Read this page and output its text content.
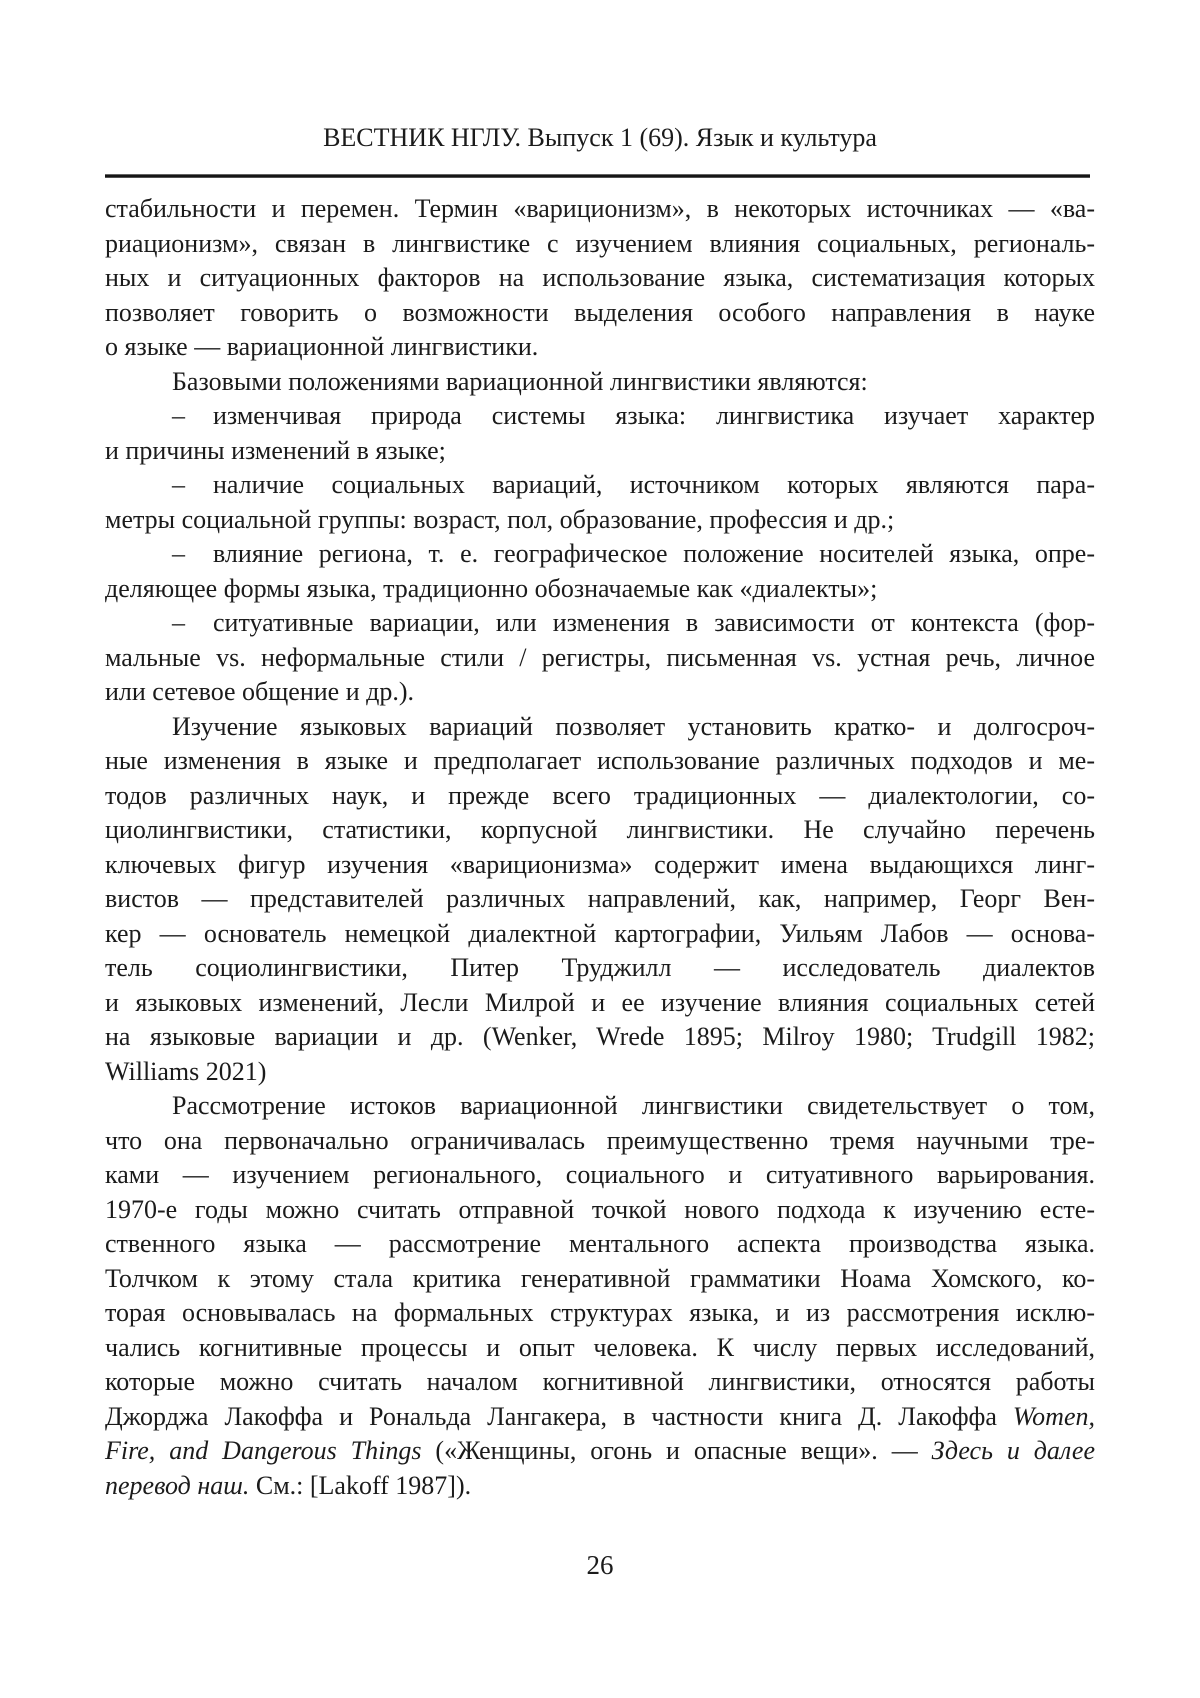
ВЕСТНИК НГЛУ. Выпуск 1 (69). Язык и культура
стабильности и перемен. Термин «вариционизм», в некоторых источниках — «ва-
риационизм», связан в лингвистике с изучением влияния социальных, региональ-
ных и ситуационных факторов на использование языка, систематизация которых
позволяет говорить о возможности выделения особого направления в науке
о языке — вариационной лингвистики.
Базовыми положениями вариационной лингвистики являются:
– изменчивая природа системы языка: лингвистика изучает характер
и причины изменений в языке;
– наличие социальных вариаций, источником которых являются пара-
метры социальной группы: возраст, пол, образование, профессия и др.;
– влияние региона, т. е. географическое положение носителей языка, опре-
деляющее формы языка, традиционно обозначаемые как «диалекты»;
– ситуативные вариации, или изменения в зависимости от контекста (фор-
мальные vs. неформальные стили / регистры, письменная vs. устная речь, личное
или сетевое общение и др.).
Изучение языковых вариаций позволяет установить кратко- и долгосроч-
ные изменения в языке и предполагает использование различных подходов и ме-
тодов различных наук, и прежде всего традиционных — диалектологии, со-
циолингвистики, статистики, корпусной лингвистики. Не случайно перечень
ключевых фигур изучения «вариционизма» содержит имена выдающихся линг-
вистов — представителей различных направлений, как, например, Георг Вен-
кер — основатель немецкой диалектной картографии, Уильям Лабов — основа-
тель социолингвистики, Питер Труджилл — исследователь диалектов
и языковых изменений, Лесли Милрой и ее изучение влияния социальных сетей
на языковые вариации и др. (Wenker, Wrede 1895; Milroy 1980; Trudgill 1982;
Williams 2021)
Рассмотрение истоков вариационной лингвистики свидетельствует о том,
что она первоначально ограничивалась преимущественно тремя научными тре-
ками — изучением регионального, социального и ситуативного варьирования.
1970-е годы можно считать отправной точкой нового подхода к изучению есте-
ственного языка — рассмотрение ментального аспекта производства языка.
Толчком к этому стала критика генеративной грамматики Ноама Хомского, ко-
торая основывалась на формальных структурах языка, и из рассмотрения исклю-
чались когнитивные процессы и опыт человека. К числу первых исследований,
которые можно считать началом когнитивной лингвистики, относятся работы
Джорджа Лакоффа и Рональда Лангакера, в частности книга Д. Лакоффа Women,
Fire, and Dangerous Things («Женщины, огонь и опасные вещи». — Здесь и далее
перевод наш. См.: [Lakoff 1987]).
26
